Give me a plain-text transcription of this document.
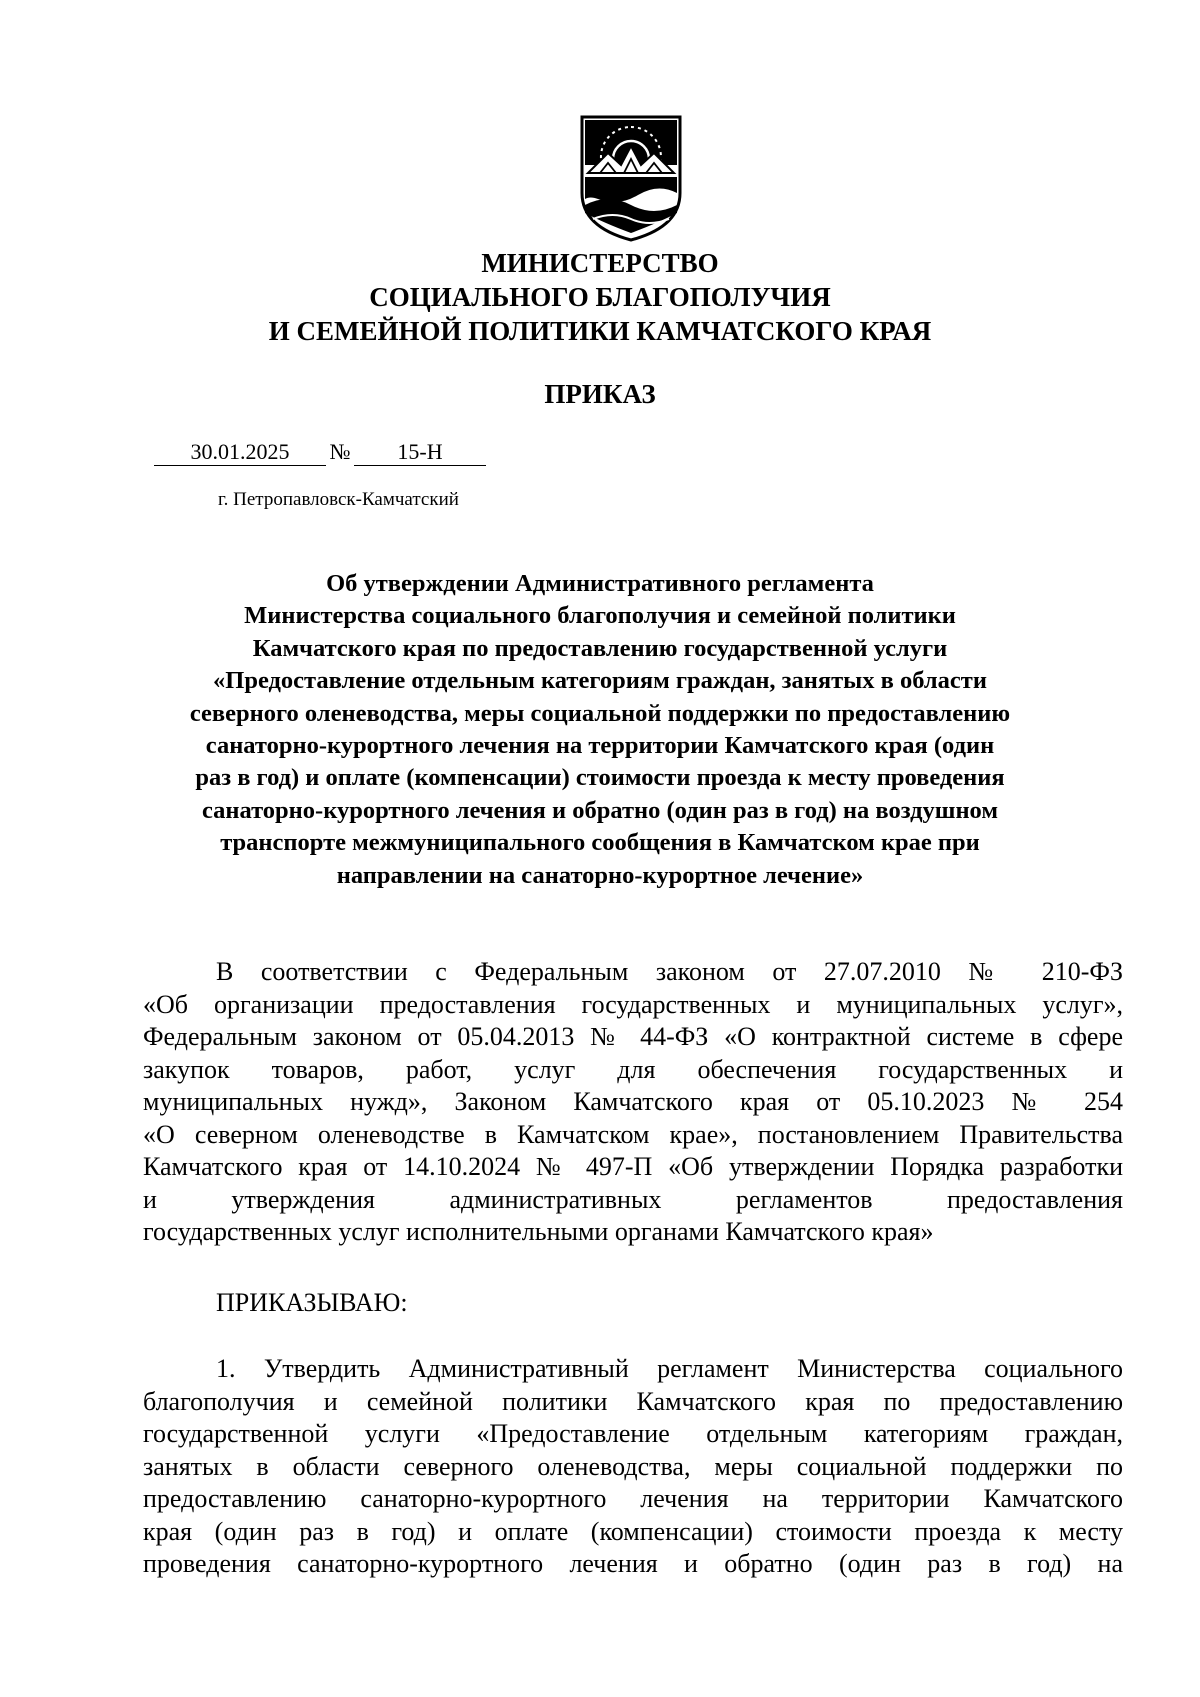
МИНИСТЕРСТВО
СОЦИАЛЬНОГО БЛАГОПОЛУЧИЯ
И СЕМЕЙНОЙ ПОЛИТИКИ КАМЧАТСКОГО КРАЯ
ПРИКАЗ
30.01.2025 № 15-Н
г. Петропавловск-Камчатский
Об утверждении Административного регламента
Министерства социального благополучия и семейной политики
Камчатского края по предоставлению государственной услуги
«Предоставление отдельным категориям граждан, занятых в области
северного оленеводства, меры социальной поддержки по предоставлению
санаторно-курортного лечения на территории Камчатского края (один
раз в год) и оплате (компенсации) стоимости проезда к месту проведения
санаторно-курортного лечения и обратно (один раз в год) на воздушном
транспорте межмуниципального сообщения в Камчатском крае при
направлении на санаторно-курортное лечение»
В соответствии с Федеральным законом от 27.07.2010 № 210-ФЗ
«Об организации предоставления государственных и муниципальных услуг»,
Федеральным законом от 05.04.2013 № 44-ФЗ «О контрактной системе в сфере
закупок товаров, работ, услуг для обеспечения государственных и
муниципальных нужд», Законом Камчатского края от 05.10.2023 № 254
«О северном оленеводстве в Камчатском крае», постановлением Правительства
Камчатского края от 14.10.2024 № 497-П «Об утверждении Порядка разработки
и утверждения административных регламентов предоставления
государственных услуг исполнительными органами Камчатского края»
ПРИКАЗЫВАЮ:
1. Утвердить Административный регламент Министерства социального
благополучия и семейной политики Камчатского края по предоставлению
государственной услуги «Предоставление отдельным категориям граждан,
занятых в области северного оленеводства, меры социальной поддержки по
предоставлению санаторно-курортного лечения на территории Камчатского
края (один раз в год) и оплате (компенсации) стоимости проезда к месту
проведения санаторно-курортного лечения и обратно (один раз в год) на
